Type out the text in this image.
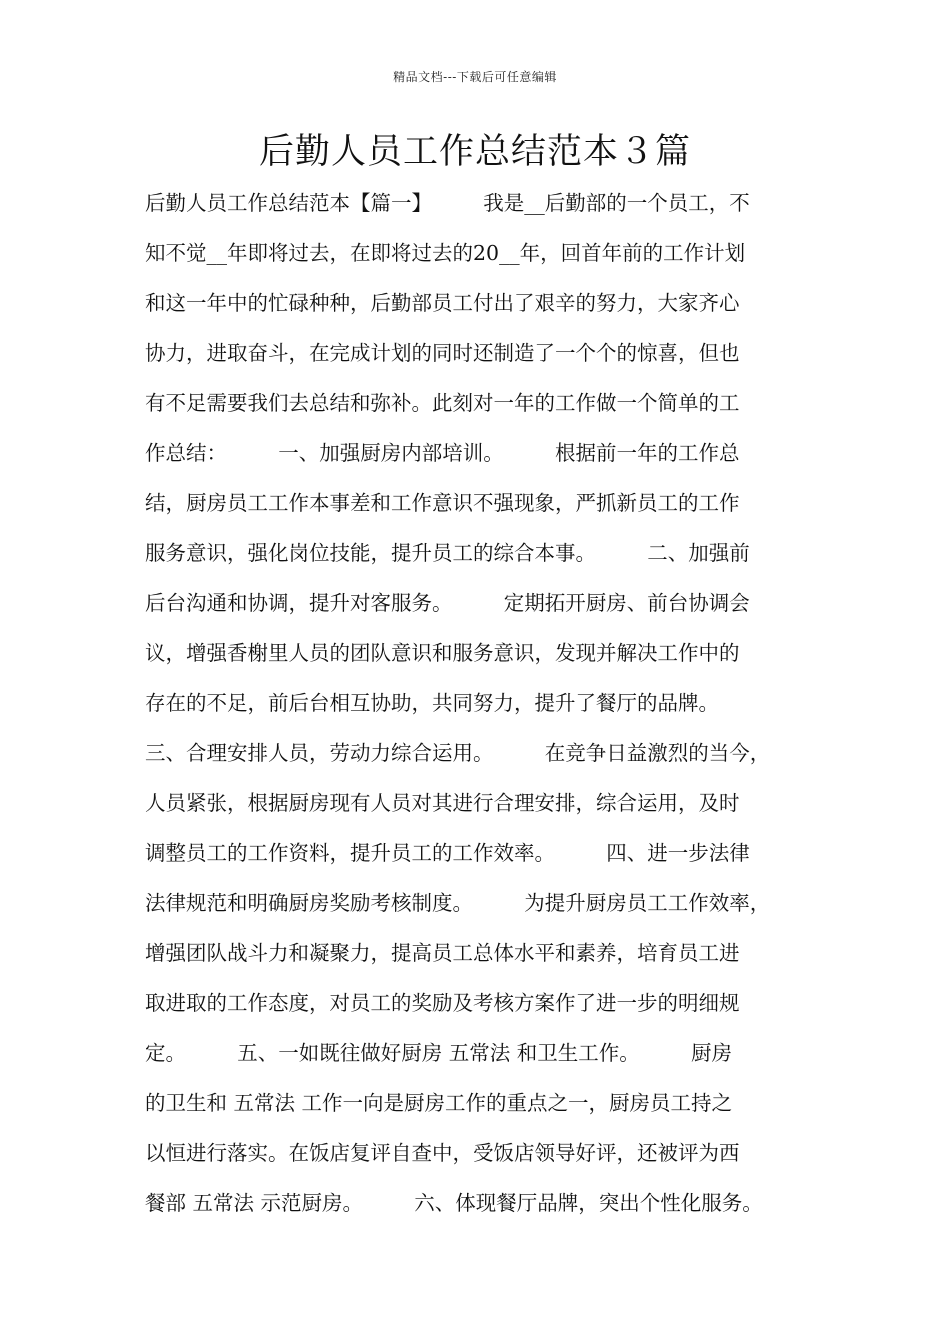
精品文档---下载后可任意编辑
后勤人员工作总结范本３篇
后勤人员工作总结范本【篇一】　　　我是__后勤部的一个员工，不
知不觉__年即将过去，在即将过去的20__年，回首年前的工作计划
和这一年中的忙碌种种，后勤部员工付出了艰辛的努力，大家齐心
协力，进取奋斗，在完成计划的同时还制造了一个个的惊喜，但也
有不足需要我们去总结和弥补。此刻对一年的工作做一个简单的工
作总结：　　　一、加强厨房内部培训。　　　根据前一年的工作总
结，厨房员工工作本事差和工作意识不强现象，严抓新员工的工作
服务意识，强化岗位技能，提升员工的综合本事。　　　二、加强前
后台沟通和协调，提升对客服务。　　　定期拓开厨房、前台协调会
议，增强香榭里人员的团队意识和服务意识，发现并解决工作中的
存在的不足，前后台相互协助，共同努力，提升了餐厅的品牌。
三、合理安排人员，劳动力综合运用。　　　在竞争日益激烈的当今，
人员紧张，根据厨房现有人员对其进行合理安排，综合运用，及时
调整员工的工作资料，提升员工的工作效率。　　　四、进一步法律
法律规范和明确厨房奖励考核制度。　　　为提升厨房员工工作效率，
增强团队战斗力和凝聚力，提高员工总体水平和素养，培育员工进
取进取的工作态度，对员工的奖励及考核方案作了进一步的明细规
定。　　　五、一如既往做好厨房 五常法 和卫生工作。　　　厨房
的卫生和 五常法 工作一向是厨房工作的重点之一，厨房员工持之
以恒进行落实。在饭店复评自查中，受饭店领导好评，还被评为西
餐部 五常法 示范厨房。　　　六、体现餐厅品牌，突出个性化服务。
